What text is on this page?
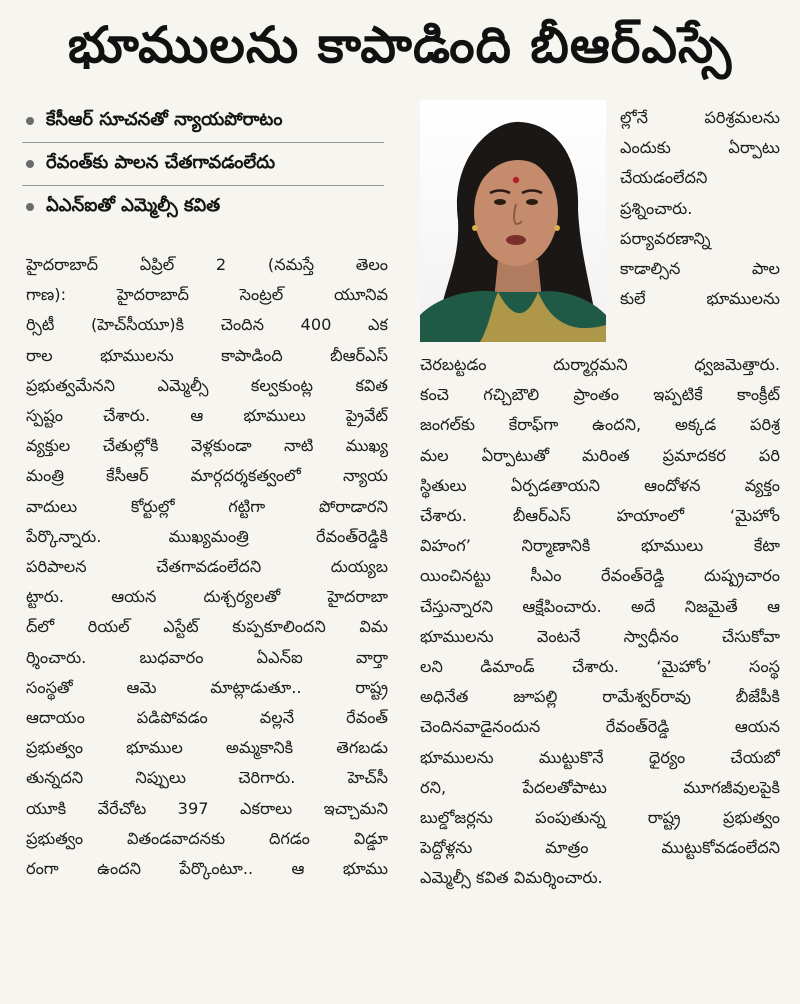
భూములను కాపాడింది బీఆర్‌ఎస్సే
కేసీఆర్‌ సూచనతో న్యాయపోరాటం
రేవంత్‌కు పాలన చేతగావడంలేదు
ఏఎన్‌ఐతో ఎమ్మెల్సీ కవిత
ల్లోనే పరిశ్రమలను
ఎందుకు ఏర్పాటు
చేయడంలేదని
ప్రశ్నించారు.
పర్యావరణాన్ని
కాడాల్సిన పాల
కులే భూములను
హైదరాబాద్‌ ఏప్రిల్‌ 2 (నమస్తే తెలం
గాణ): హైదరాబాద్‌ సెంట్రల్‌ యూనివ
ర్సిటీ (హెచ్‌సీయూ)కి చెందిన 400 ఎక
రాల భూములను కాపాడింది బీఆర్‌ఎస్‌
ప్రభుత్వమేనని ఎమ్మెల్సీ కల్వకుంట్ల కవిత
స్పష్టం చేశారు. ఆ భూములు ప్రైవేట్‌
వ్యక్తుల చేతుల్లోకి వెళ్లకుండా నాటి ముఖ్య
మంత్రి కేసీఆర్‌ మార్గదర్శకత్వంలో న్యాయ
వాదులు కోర్టుల్లో గట్టిగా పోరాడారని
పేర్కొన్నారు. ముఖ్యమంత్రి రేవంత్‌రెడ్డికి
పరిపాలన చేతగావడంలేదని దుయ్యబ
ట్టారు. ఆయన దుశ్చర్యలతో హైదరాబా
ద్‌లో రియల్‌ ఎస్టేట్‌ కుప్పకూలిందని విమ
ర్శించారు. బుధవారం ఏఎన్‌ఐ వార్తా
సంస్థతో ఆమె మాట్లాడుతూ.. రాష్ట్ర
ఆదాయం పడిపోవడం వల్లనే రేవంత్‌
ప్రభుత్వం భూముల అమ్మకానికి తెగబడు
తున్నదని నిప్పులు చెరిగారు. హెచ్‌సీ
యూకి వేరేచోట 397 ఎకరాలు ఇచ్చామని
ప్రభుత్వం వితండవాదనకు దిగడం విడ్డూ
రంగా ఉందని పేర్కొంటూ.. ఆ భూము
చెరబట్టడం దుర్మార్గమని ధ్వజమెత్తారు.
కంచె గచ్చిబౌలి ప్రాంతం ఇప్పటికే కాంక్రీట్‌
జంగల్‌కు కేరాఫ్‌గా ఉందని, అక్కడ పరిశ్ర
మల ఏర్పాటుతో మరింత ప్రమాదకర పరి
స్థితులు ఏర్పడతాయని ఆందోళన వ్యక్తం
చేశారు. బీఆర్‌ఎస్‌ హయాంలో ‘మైహోం
విహంగ’ నిర్మాణానికి భూములు కేటా
యించినట్టు సీఎం రేవంత్‌రెడ్డి దుష్ప్రచారం
చేస్తున్నారని ఆక్షేపించారు. అదే నిజమైతే ఆ
భూములను వెంటనే స్వాధీనం చేసుకోవా
లని డిమాండ్‌ చేశారు. ‘మైహోం’ సంస్థ
అధినేత జూపల్లి రామేశ్వర్‌రావు బీజేపీకి
చెందినవాడైనందున రేవంత్‌రెడ్డి ఆయన
భూములను ముట్టుకొనే ధైర్యం చేయబో
రని, పేదలతోపాటు మూగజీవులపైకి
బుల్డోజర్లను పంపుతున్న రాష్ట్ర ప్రభుత్వం
పెద్దోళ్లను మాత్రం ముట్టుకోవడంలేదని
ఎమ్మెల్సీ కవిత విమర్శించారు.
